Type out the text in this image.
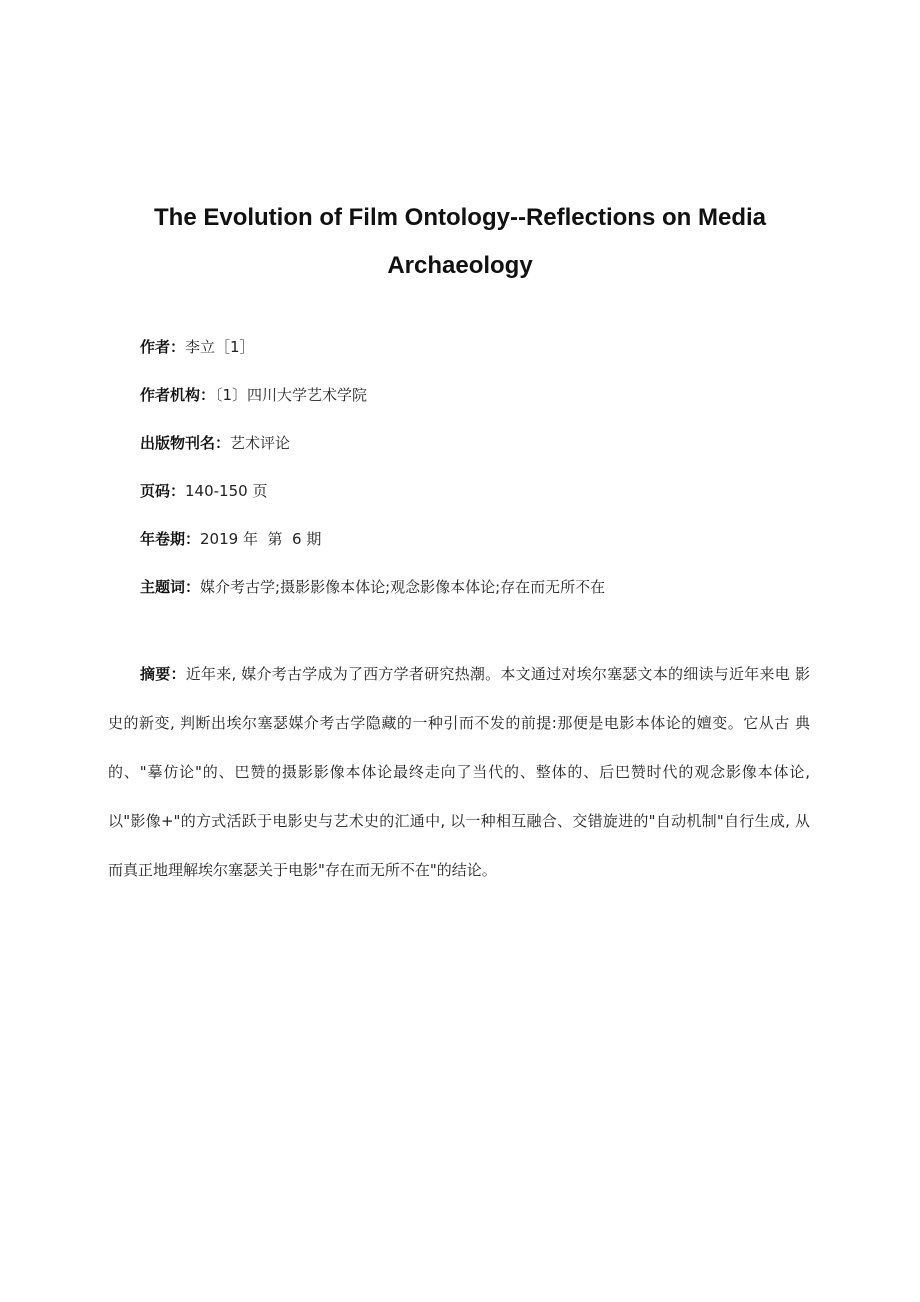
The Evolution of Film Ontology--Reflections on Media Archaeology
作者：李立［1］
作者机构：〔1〕四川大学艺术学院
出版物刊名：艺术评论
页码：140-150 页
年卷期：2019 年  第  6 期
主题词：媒介考古学;摄影影像本体论;观念影像本体论;存在而无所不在

摘要：近年来, 媒介考古学成为了西方学者研究热潮。本文通过对埃尔塞瑟文本的细读与近年来电 影史的新变, 判断出埃尔塞瑟媒介考古学隐藏的一种引而不发的前提:那便是电影本体论的嬗变。它从古 典的、"摹仿论"的、巴赞的摄影影像本体论最终走向了当代的、整体的、后巴赞时代的观念影像本体论, 以"影像+"的方式活跃于电影史与艺术史的汇通中, 以一种相互融合、交错旋进的"自动机制"自行生成, 从 而真正地理解埃尔塞瑟关于电影"存在而无所不在"的结论。
